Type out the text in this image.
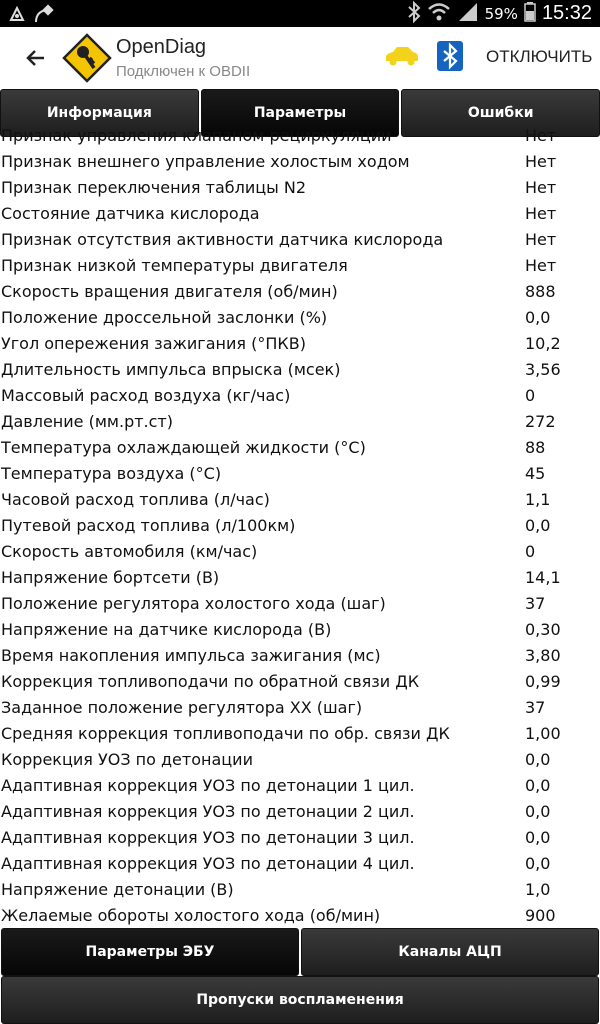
59% 15:32
OpenDiag
Подключен к OBDII
ОТКЛЮЧИТЬ
Информация	Параметры	Ошибки
Признак управления клапаном рециркуляции	Нет
Признак внешнего управление холостым ходом	Нет
Признак переключения таблицы N2	Нет
Состояние датчика кислорода	Нет
Признак отсутствия активности датчика кислорода	Нет
Признак низкой температуры двигателя	Нет
Скорость вращения двигателя (об/мин)	888
Положение дроссельной заслонки (%)	0,0
Угол опережения зажигания (°ПКВ)	10,2
Длительность импульса впрыска (мсек)	3,56
Массовый расход воздуха (кг/час)	0
Давление (мм.рт.ст)	272
Температура охлаждающей жидкости (°C)	88
Температура воздуха (°C)	45
Часовой расход топлива (л/час)	1,1
Путевой расход топлива (л/100км)	0,0
Скорость автомобиля (км/час)	0
Напряжение бортсети (В)	14,1
Положение регулятора холостого хода (шаг)	37
Напряжение на датчике кислорода (В)	0,30
Время накопления импульса зажигания (мс)	3,80
Коррекция топливоподачи по обратной связи ДК	0,99
Заданное положение регулятора ХХ (шаг)	37
Средняя коррекция топливоподачи по обр. связи ДК	1,00
Коррекция УОЗ по детонации	0,0
Адаптивная коррекция УОЗ по детонации 1 цил.	0,0
Адаптивная коррекция УОЗ по детонации 2 цил.	0,0
Адаптивная коррекция УОЗ по детонации 3 цил.	0,0
Адаптивная коррекция УОЗ по детонации 4 цил.	0,0
Напряжение детонации (В)	1,0
Желаемые обороты холостого хода (об/мин)	900
Параметры ЭБУ	Каналы АЦП
Пропуски воспламенения
